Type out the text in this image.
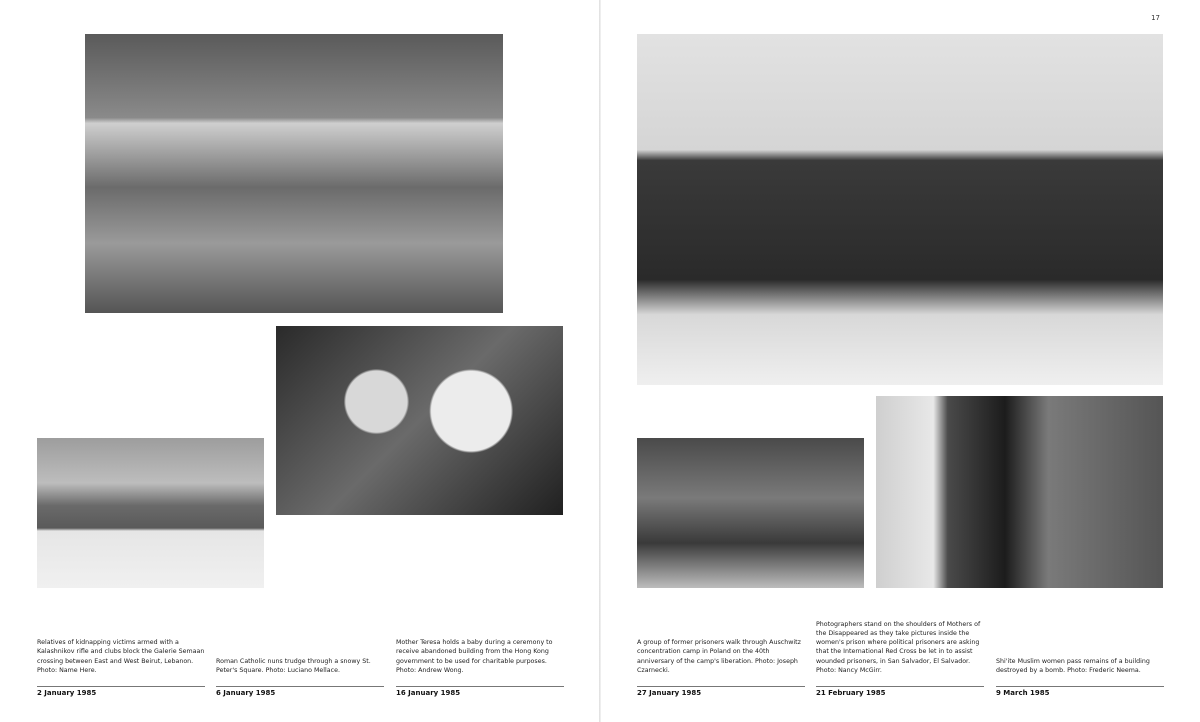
17
Relatives of kidnapping victims armed with a Kalashnikov rifle and clubs block the Galerie Semaan crossing between East and West Beirut, Lebanon. Photo: Name Here.
2 January 1985
Roman Catholic nuns trudge through a snowy St. Peter's Square. Photo: Luciano Mellace.
6 January 1985
Mother Teresa holds a baby during a ceremony to receive abandoned building from the Hong Kong government to be used for charitable purposes. Photo: Andrew Wong.
16 January 1985
A group of former prisoners walk through Auschwitz concentration camp in Poland on the 40th anniversary of the camp's liberation. Photo: Joseph Czarnecki.
27 January 1985
Photographers stand on the shoulders of Mothers of the Disappeared as they take pictures inside the women's prison where political prisoners are asking that the International Red Cross be let in to assist wounded prisoners, in San Salvador, El Salvador. Photo: Nancy McGirr.
21 February 1985
Shi'ite Muslim women pass remains of a building destroyed by a bomb. Photo: Frederic Neema.
9 March 1985
